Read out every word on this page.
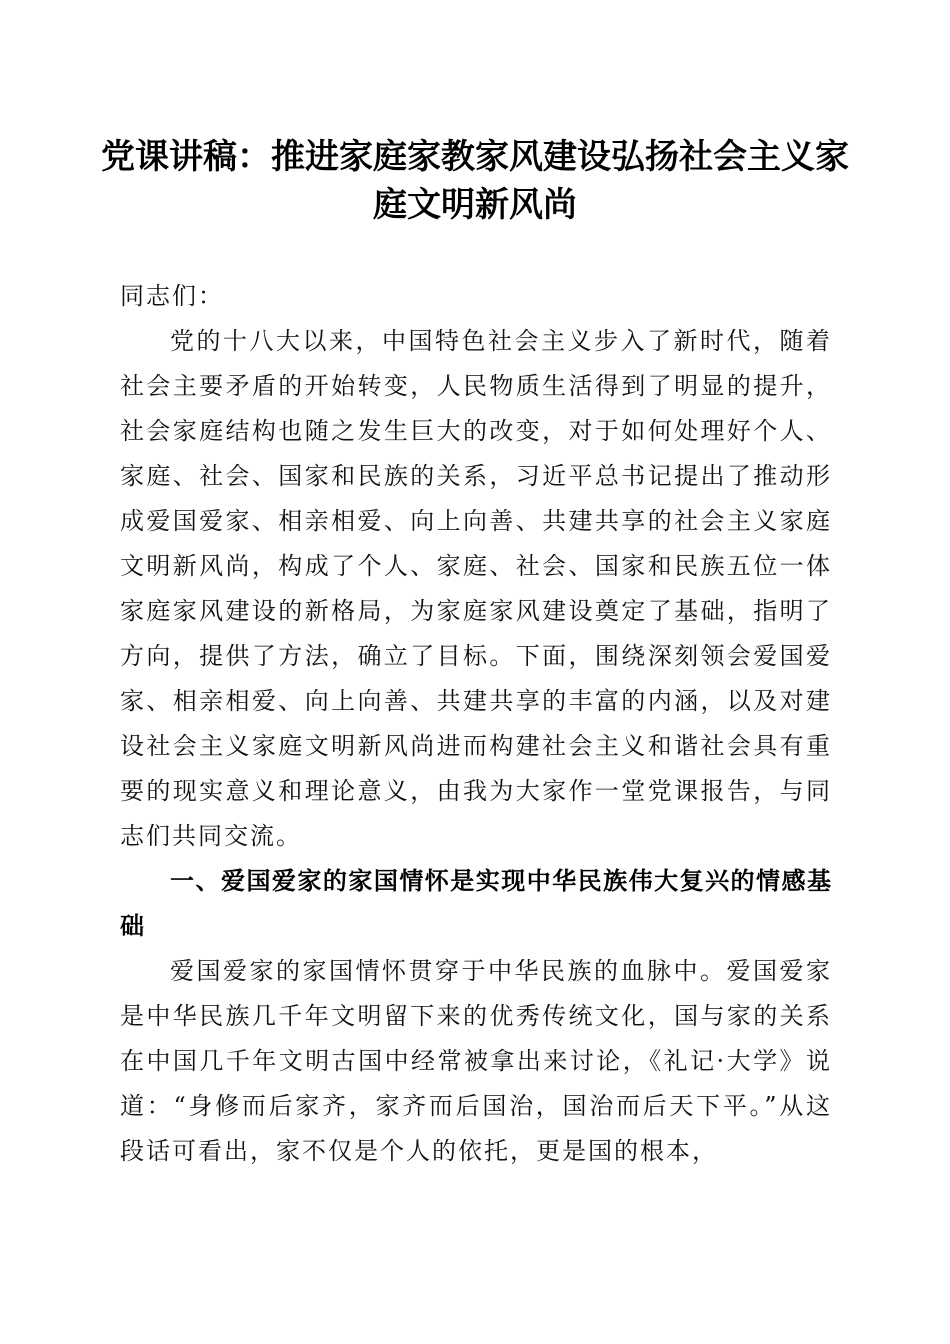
党课讲稿：推进家庭家教家风建设弘扬社会主义家庭文明新风尚

同志们：

党的十八大以来，中国特色社会主义步入了新时代，随着社会主要矛盾的开始转变，人民物质生活得到了明显的提升，社会家庭结构也随之发生巨大的改变，对于如何处理好个人、家庭、社会、国家和民族的关系，习近平总书记提出了推动形成爱国爱家、相亲相爱、向上向善、共建共享的社会主义家庭文明新风尚，构成了个人、家庭、社会、国家和民族五位一体家庭家风建设的新格局，为家庭家风建设奠定了基础，指明了方向，提供了方法，确立了目标。下面，围绕深刻领会爱国爱家、相亲相爱、向上向善、共建共享的丰富的内涵，以及对建设社会主义家庭文明新风尚进而构建社会主义和谐社会具有重要的现实意义和理论意义，由我为大家作一堂党课报告，与同志们共同交流。

一、爱国爱家的家国情怀是实现中华民族伟大复兴的情感基础

爱国爱家的家国情怀贯穿于中华民族的血脉中。爱国爱家是中华民族几千年文明留下来的优秀传统文化，国与家的关系在中国几千年文明古国中经常被拿出来讨论，《礼记·大学》说道：“身修而后家齐，家齐而后国治，国治而后天下平。”从这段话可看出，家不仅是个人的依托，更是国的根本，
